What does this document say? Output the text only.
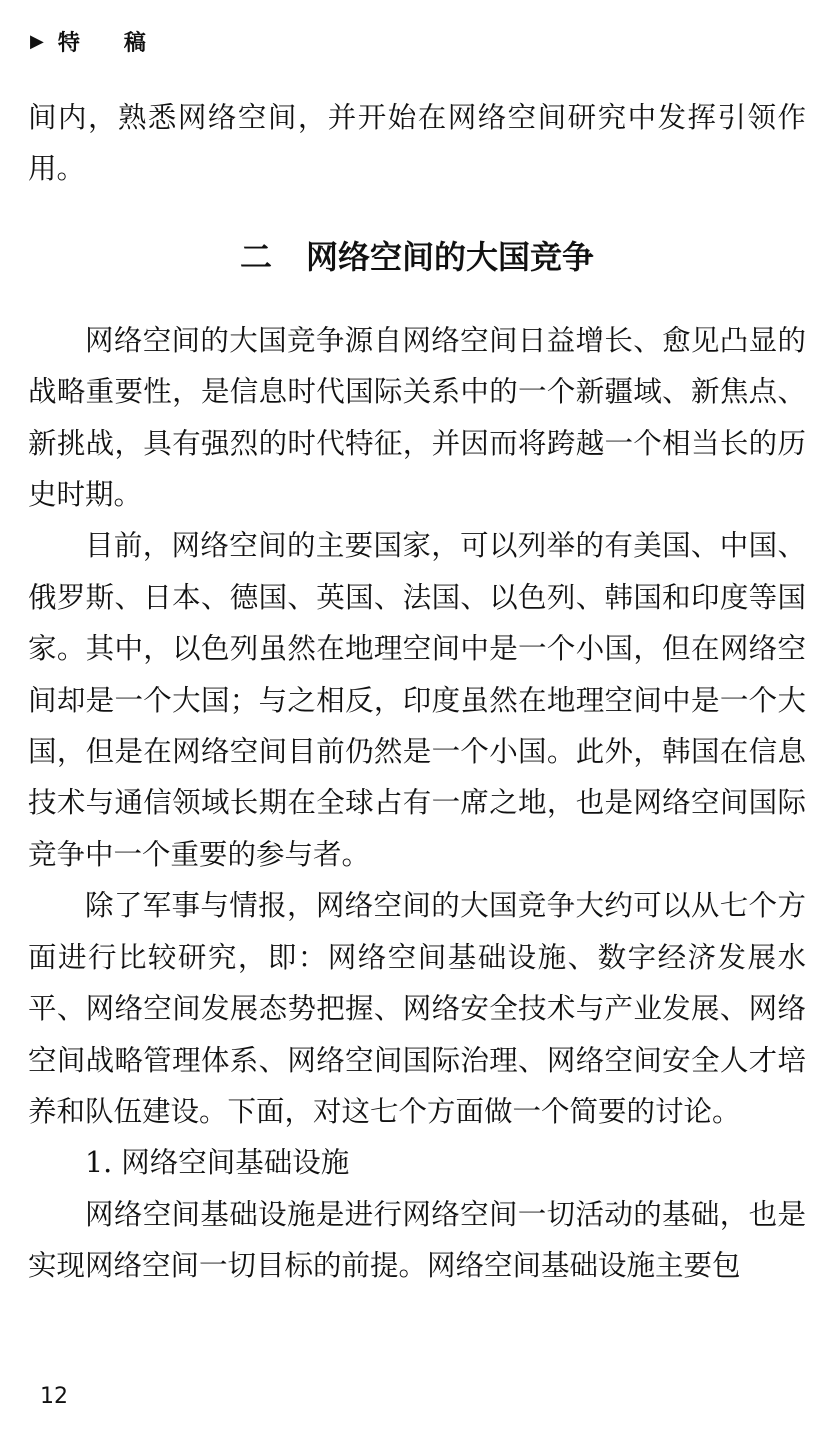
▶ 特稿

间内，熟悉网络空间，并开始在网络空间研究中发挥引领作用。

二 网络空间的大国竞争

网络空间的大国竞争源自网络空间日益增长、愈见凸显的战略重要性，是信息时代国际关系中的一个新疆域、新焦点、新挑战，具有强烈的时代特征，并因而将跨越一个相当长的历史时期。

目前，网络空间的主要国家，可以列举的有美国、中国、俄罗斯、日本、德国、英国、法国、以色列、韩国和印度等国家。其中，以色列虽然在地理空间中是一个小国，但在网络空间却是一个大国；与之相反，印度虽然在地理空间中是一个大国，但是在网络空间目前仍然是一个小国。此外，韩国在信息技术与通信领域长期在全球占有一席之地，也是网络空间国际竞争中一个重要的参与者。

除了军事与情报，网络空间的大国竞争大约可以从七个方面进行比较研究，即：网络空间基础设施、数字经济发展水平、网络空间发展态势把握、网络安全技术与产业发展、网络空间战略管理体系、网络空间国际治理、网络空间安全人才培养和队伍建设。下面，对这七个方面做一个简要的讨论。

1. 网络空间基础设施

网络空间基础设施是进行网络空间一切活动的基础，也是实现网络空间一切目标的前提。网络空间基础设施主要包

12
